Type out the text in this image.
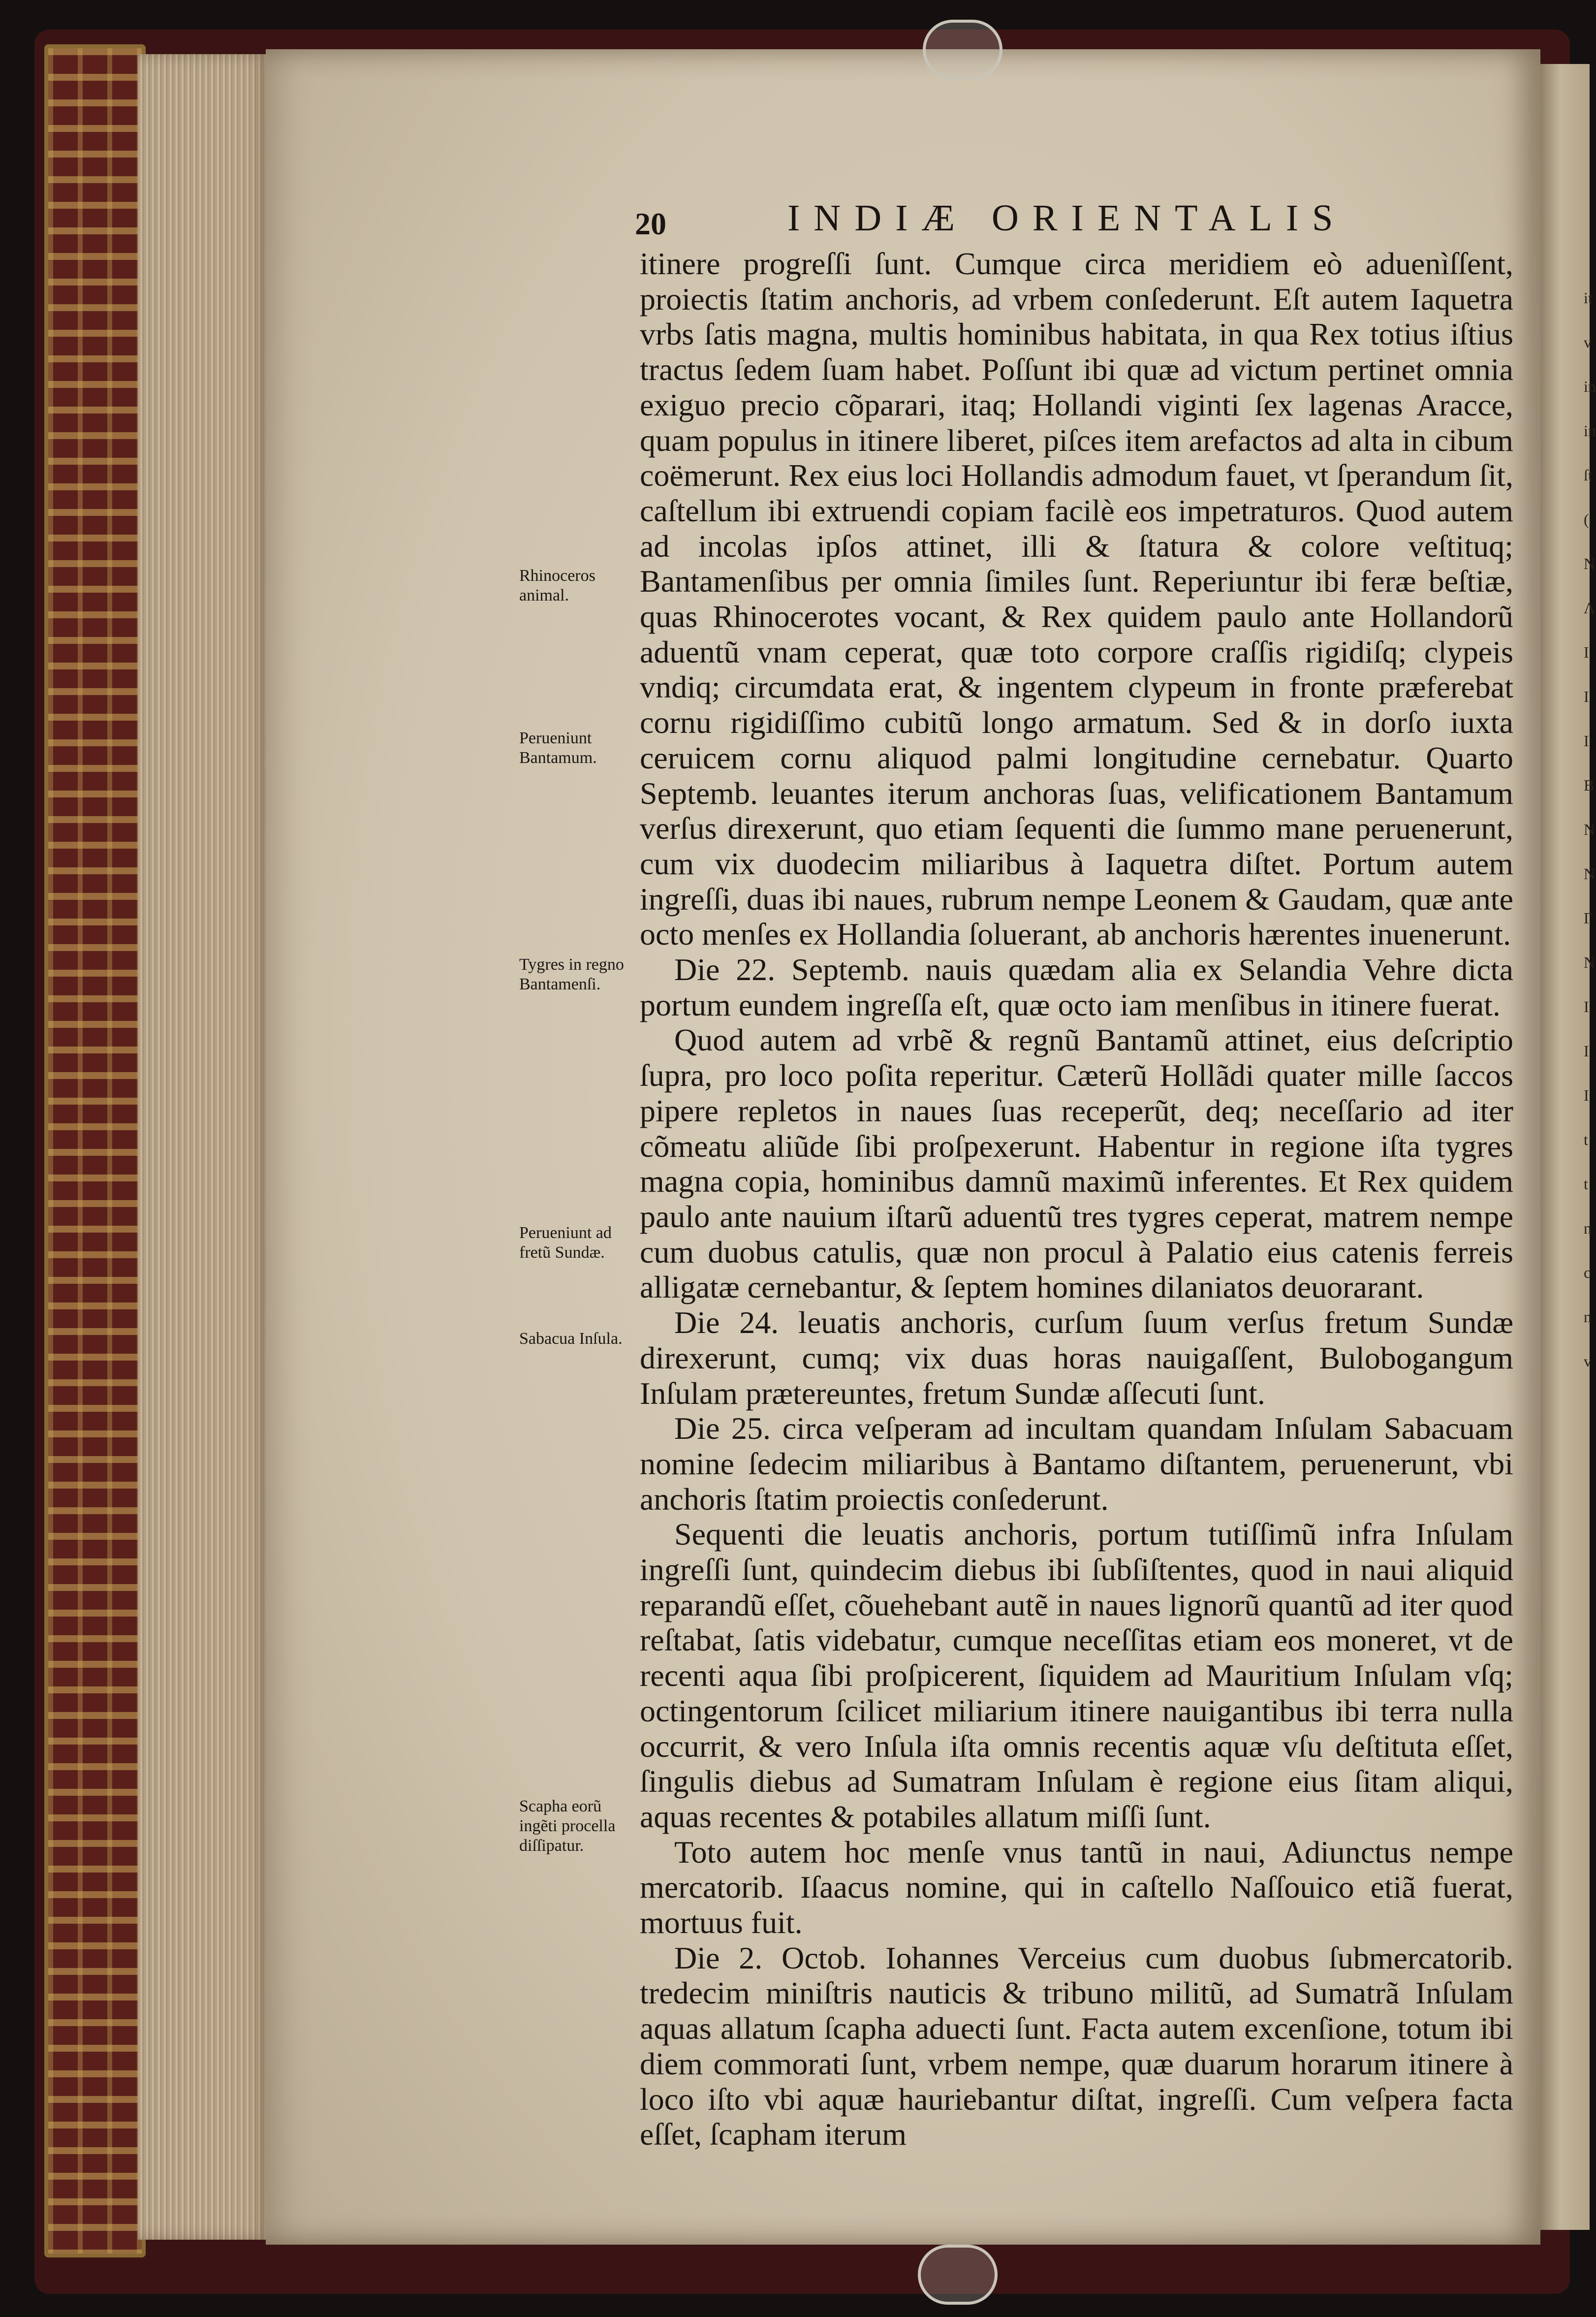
20	INDIÆ ORIENTALIS

itinere progreſſi ſunt. Cumque circa meridiem eò aduenìſſent, proiectis ſtatim anchoris, ad vrbem conſederunt. Eſt autem Iaquetra vrbs ſatis magna, multis hominibus habitata, in qua Rex totius iſtius tractus ſedem ſuam habet. Poſſunt ibi quæ ad victum pertinet omnia exiguo precio cõparari, itaq; Hollandi viginti ſex lagenas Aracce, quam populus in itinere liberet, piſces item arefactos ad alta in cibum coëmerunt. Rex eius loci Hollandis admodum fauet, vt ſperandum ſit, caſtellum ibi extruendi copiam facilè eos impetraturos. Quod autem ad incolas ipſos attinet, illi & ſtatura & colore veſtituq; Bantamenſibus per omnia ſimiles ſunt. Reperiuntur ibi feræ beſtiæ, quas Rhinocerotes vocant, & Rex quidem paulo ante Hollandorũ aduentũ vnam ceperat, quæ toto corpore craſſis rigidiſq; clypeis vndiq; circumdata erat, & ingentem clypeum in fronte præferebat cornu rigidiſſimo cubitũ longo armatum. Sed & in dorſo iuxta ceruicem cornu aliquod palmi longitudine cernebatur. Quarto Septemb. leuantes iterum anchoras ſuas, velificationem Bantamum verſus direxerunt, quo etiam ſequenti die ſummo mane peruenerunt, cum vix duodecim miliaribus à Iaquetra diſtet. Portum autem ingreſſi, duas ibi naues, rubrum nempe Leonem & Gaudam, quæ ante octo menſes ex Hollandia ſoluerant, ab anchoris hærentes inuenerunt.

Die 22. Septemb. nauis quædam alia ex Selandia Vehre dicta portum eundem ingreſſa eſt, quæ octo iam menſibus in itinere fuerat.

Quod autem ad vrbẽ & regnũ Bantamũ attinet, eius deſcriptio ſupra, pro loco poſita reperitur. Cæterũ Hollãdi quater mille ſaccos pipere repletos in naues ſuas receperũt, deq; neceſſario ad iter cõmeatu aliũde ſibi proſpexerunt. Habentur in regione iſta tygres magna copia, hominibus damnũ maximũ inferentes. Et Rex quidem paulo ante nauium iſtarũ aduentũ tres tygres ceperat, matrem nempe cum duobus catulis, quæ non procul à Palatio eius catenis ferreis alligatæ cernebantur, & ſeptem homines dilaniatos deuorarant.

Die 24. leuatis anchoris, curſum ſuum verſus fretum Sundæ direxerunt, cumq; vix duas horas nauigaſſent, Bulobogangum Inſulam prætereuntes, fretum Sundæ aſſecuti ſunt.

Die 25. circa veſperam ad incultam quandam Inſulam Sabacuam nomine ſedecim miliaribus à Bantamo diſtantem, peruenerunt, vbi anchoris ſtatim proiectis conſederunt.

Sequenti die leuatis anchoris, portum tutiſſimũ infra Inſulam ingreſſi ſunt, quindecim diebus ibi ſubſiſtentes, quod in naui aliquid reparandũ eſſet, cõuehebant autẽ in naues lignorũ quantũ ad iter quod reſtabat, ſatis videbatur, cumque neceſſitas etiam eos moneret, vt de recenti aqua ſibi proſpicerent, ſiquidem ad Mauritium Inſulam vſq; octingentorum ſcilicet miliarium itinere nauigantibus ibi terra nulla occurrit, & vero Inſula iſta omnis recentis aquæ vſu deſtituta eſſet, ſingulis diebus ad Sumatram Inſulam è regione eius ſitam aliqui, aquas recentes & potabiles allatum miſſi ſunt.

Toto autem hoc menſe vnus tantũ in naui, Adiunctus nempe mercatorib. Iſaacus nomine, qui in caſtello Naſſouico etiã fuerat, mortuus fuit.

Die 2. Octob. Iohannes Verceius cum duobus ſubmercatorib. tredecim miniſtris nauticis & tribuno militũ, ad Sumatrã Inſulam aquas allatum ſcapha aduecti ſunt. Facta autem excenſione, totum ibi diem commorati ſunt, vrbem nempe, quæ duarum horarum itinere à loco iſto vbi aquæ hauriebantur diſtat, ingreſſi. Cum veſpera facta eſſet, ſcapham iterum

Rhinoceros animal.
Perueniunt Bantamum.
Tygres in regno Bantamenſi.
Perueniunt ad fretũ Sundæ.
Sabacua Inſula.
Scapha eorũ ingẽti procella diſſipatur.
it
v
in
in
ſt
(
N
Λ
I
I
I
B
N
N
Γ
N
I
I
I
t
t
n
c
n
v
